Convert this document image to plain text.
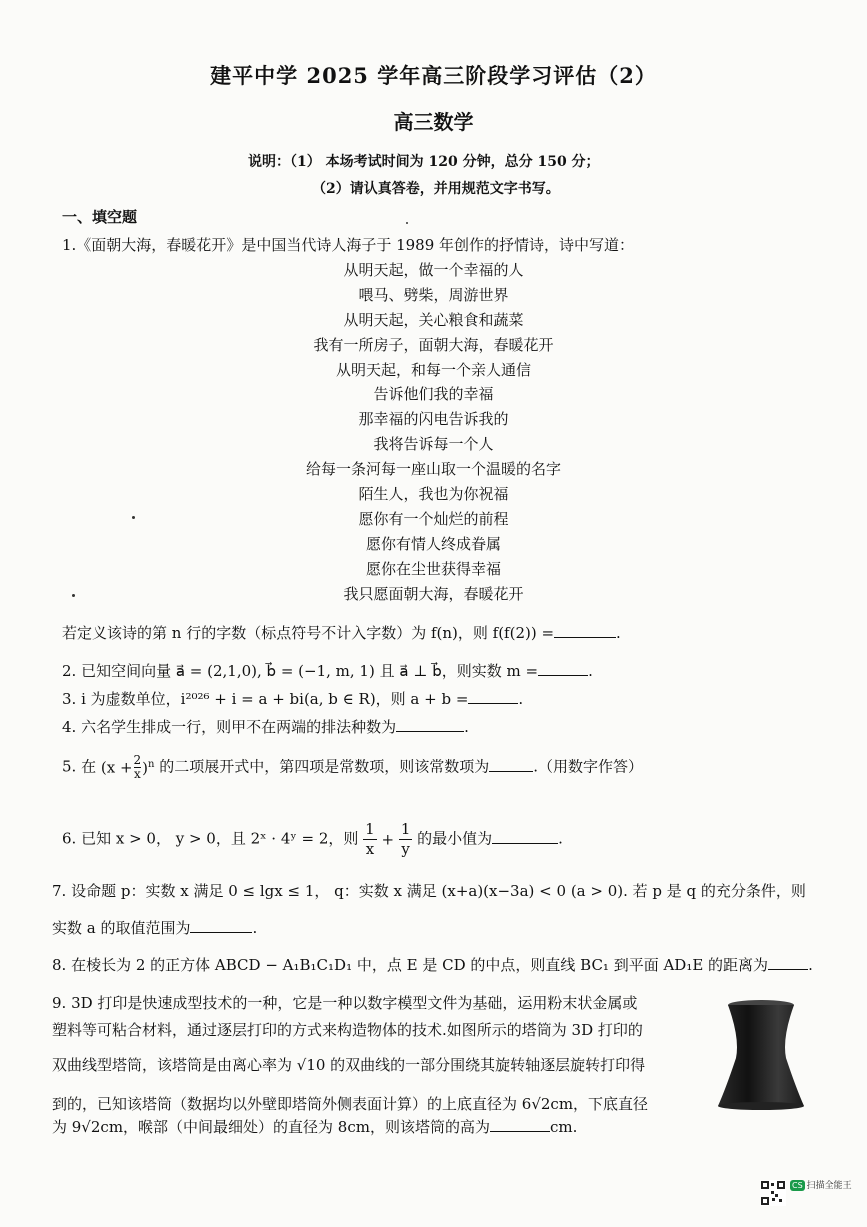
建平中学 2025 学年高三阶段学习评估（2）
高三数学
说明：（1） 本场考试时间为 120 分钟，总分 150 分；
（2）请认真答卷，并用规范文字书写。
一、填空题
1.《面朝大海，春暖花开》是中国当代诗人海子于 1989 年创作的抒情诗，诗中写道：
从明天起，做一个幸福的人
喂马、劈柴，周游世界
从明天起，关心粮食和蔬菜
我有一所房子，面朝大海，春暖花开
从明天起，和每一个亲人通信
告诉他们我的幸福
那幸福的闪电告诉我的
我将告诉每一个人
给每一条河每一座山取一个温暖的名字
陌生人，我也为你祝福
愿你有一个灿烂的前程
愿你有情人终成眷属
愿你在尘世获得幸福
我只愿面朝大海，春暖花开
若定义该诗的第 n 行的字数（标点符号不计入字数）为 f(n)，则 f(f(2)) =	.
2. 已知空间向量 a⃗ = (2,1,0), b⃗ = (−1, m, 1) 且 a⃗ ⊥ b⃗，则实数 m =	.
3. i 为虚数单位，i²⁰²⁶ + i = a + bi(a, b ∈ R)，则 a + b =	.
4. 六名学生排成一行，则甲不在两端的排法种数为	.
5. 在 $(x + \frac{2}{x} )^n$ 的二项展开式中，第四项是常数项，则该常数项为	.（用数字作答）
6. 已知 x > 0， y > 0，且 2ˣ · 4ʸ = 2，则 $\frac{1}{x} + \frac{1}{y}$ 的最小值为	.
7. 设命题 p：实数 x 满足 0 ≤ lgx ≤ 1， q：实数 x 满足 (x+a)(x−3a) < 0 (a > 0). 若 p 是 q 的充分条件，则
实数 a 的取值范围为	.
8. 在棱长为 2 的正方体 ABCD − A₁B₁C₁D₁ 中，点 E 是 CD 的中点，则直线 BC₁ 到平面 AD₁E 的距离为	.
9. 3D 打印是快速成型技术的一种，它是一种以数字模型文件为基础，运用粉末状金属或
塑料等可粘合材料，通过逐层打印的方式来构造物体的技术.如图所示的塔筒为 3D 打印的
双曲线型塔筒，该塔筒是由离心率为 √10 的双曲线的一部分围绕其旋转轴逐层旋转打印得
到的，已知该塔筒（数据均以外壁即塔筒外侧表面计算）的上底直径为 6√2cm，下底直径
为 9√2cm，喉部（中间最细处）的直径为 8cm，则该塔筒的高为	cm.
CS 扫描全能王
